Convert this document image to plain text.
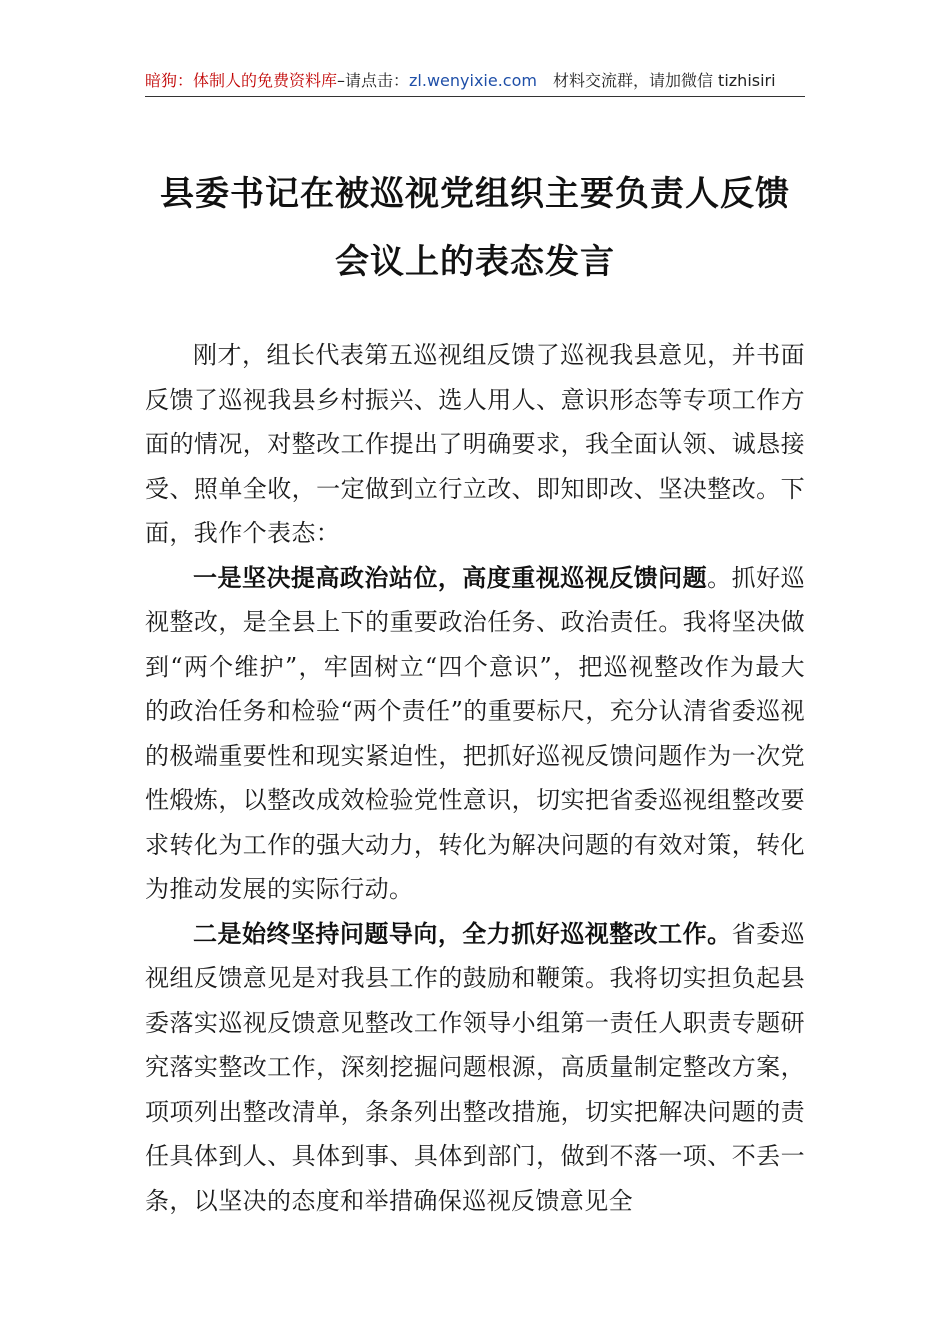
暗狗：体制人的免费资料库–请点击：zl.wenyixie.com 材料交流群，请加微信 tizhisiri
县委书记在被巡视党组织主要负责人反馈
会议上的表态发言

刚才，组长代表第五巡视组反馈了巡视我县意见，并书面反馈了巡视我县乡村振兴、选人用人、意识形态等专项工作方面的情况，对整改工作提出了明确要求，我全面认领、诚恳接受、照单全收，一定做到立行立改、即知即改、坚决整改。下面，我作个表态：

一是坚决提高政治站位，高度重视巡视反馈问题。抓好巡视整改，是全县上下的重要政治任务、政治责任。我将坚决做到“两个维护”，牢固树立“四个意识”，把巡视整改作为最大的政治任务和检验“两个责任”的重要标尺，充分认清省委巡视的极端重要性和现实紧迫性，把抓好巡视反馈问题作为一次党性煅炼，以整改成效检验党性意识，切实把省委巡视组整改要求转化为工作的强大动力，转化为解决问题的有效对策，转化为推动发展的实际行动。

二是始终坚持问题导向，全力抓好巡视整改工作。省委巡视组反馈意见是对我县工作的鼓励和鞭策。我将切实担负起县委落实巡视反馈意见整改工作领导小组第一责任人职责专题研究落实整改工作，深刻挖掘问题根源，高质量制定整改方案，项项列出整改清单，条条列出整改措施，切实把解决问题的责任具体到人、具体到事、具体到部门，做到不落一项、不丢一条，以坚决的态度和举措确保巡视反馈意见全
